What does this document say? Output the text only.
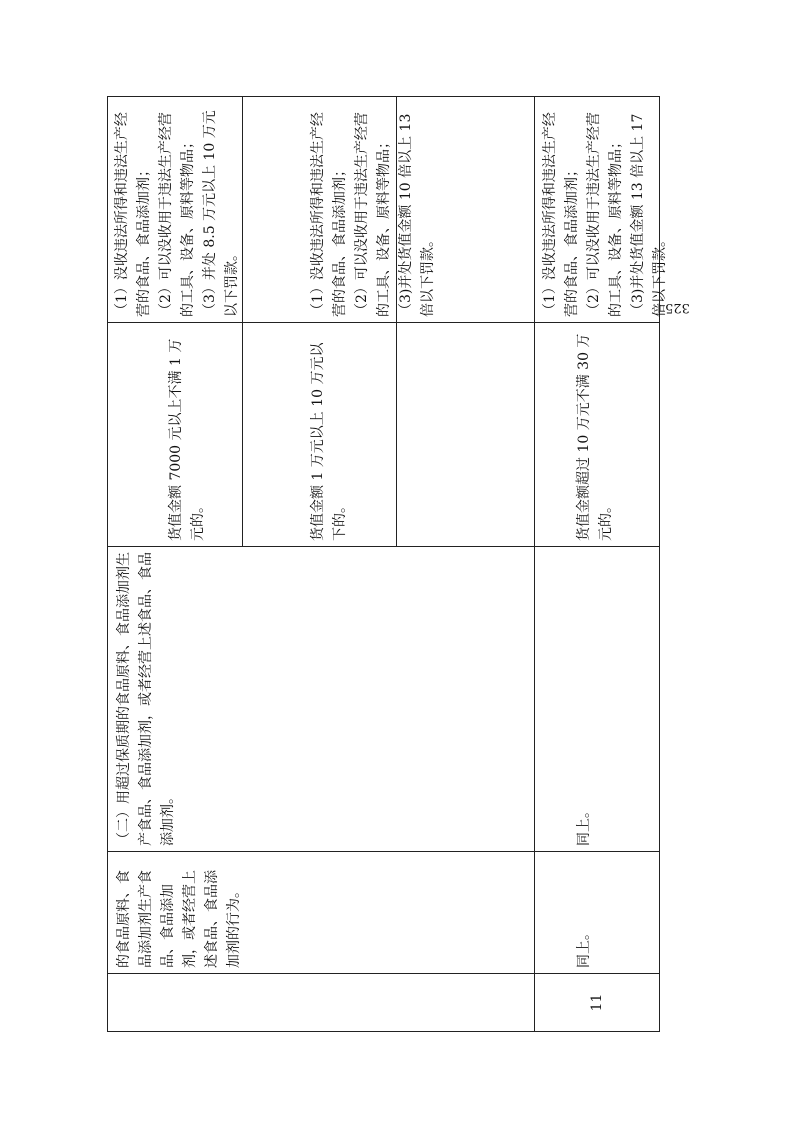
的食品原料、食品添加剂生产食品、食品添加剂，或者经营上述食品、食品添加剂的行为。

（二）用超过保质期的食品原料、食品添加剂生产食品、食品添加剂，或者经营上述食品、食品添加剂。

货值金额 7000 元以上不满 1 万元的。

（1）没收违法所得和违法生产经营的食品、食品添加剂； （2）可以没收用于违法生产经营的工具、设备、原料等物品； （3）并处 8.5 万元以上 10 万元以下罚款。

货值金额 1 万元以上 10 万元以下的。

（1）没收违法所得和违法生产经营的食品、食品添加剂； （2）可以没收用于违法生产经营的工具、设备、原料等物品； （3)并处货值金额 10 倍以上 13 倍以下罚款。

11

同上。

同上。

货值金额超过 10 万元不满 30 万元的。

（1）没收违法所得和违法生产经营的食品、食品添加剂； （2）可以没收用于违法生产经营的工具、设备、原料等物品； （3)并处货值金额 13 倍以上 17 倍以下罚款。

325
